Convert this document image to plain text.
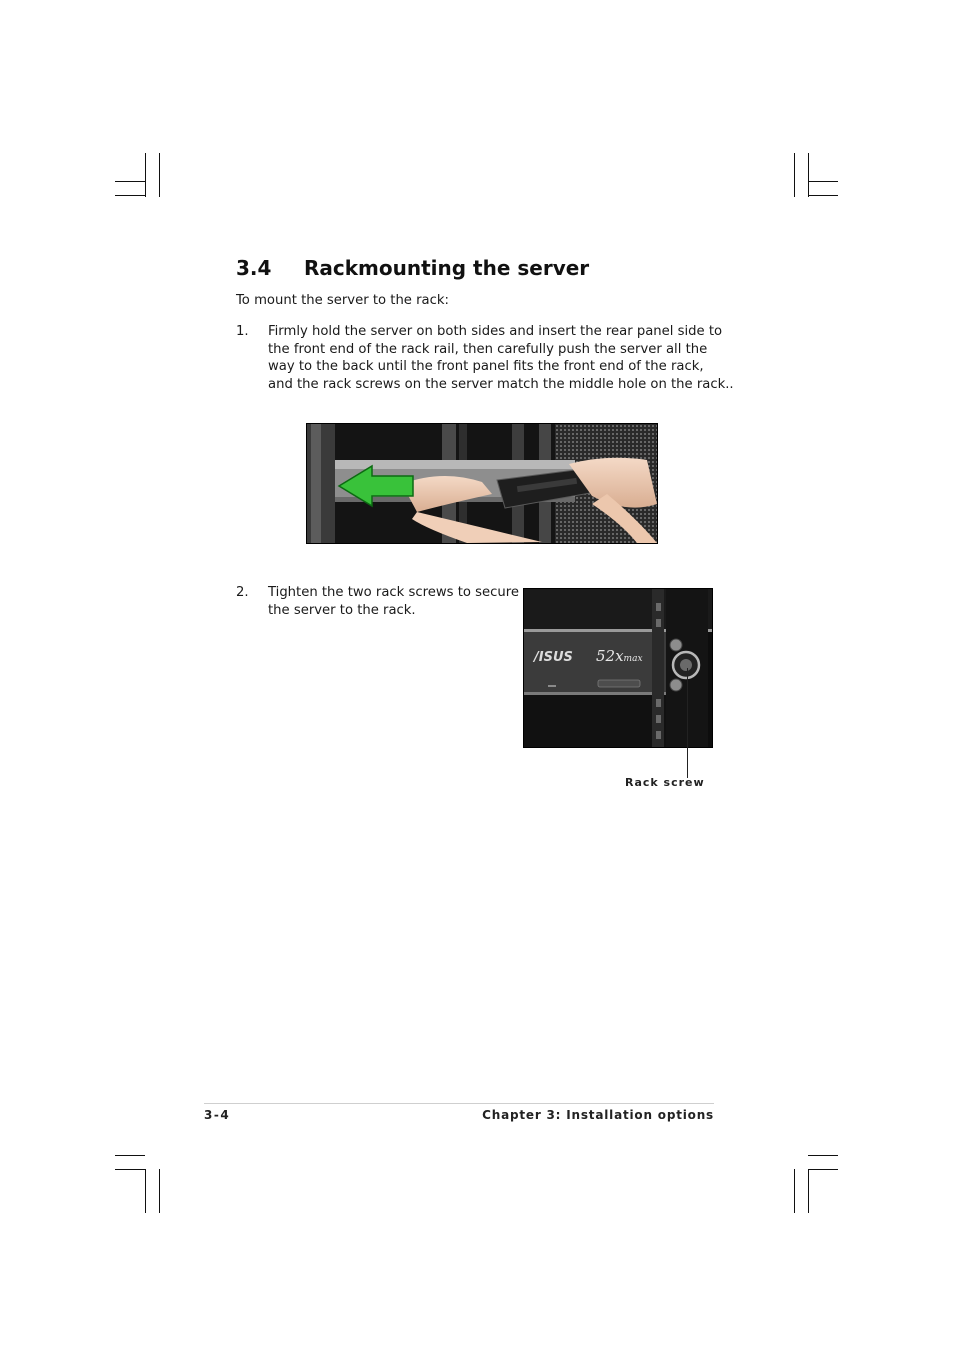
3.4 Rackmounting the server
To mount the server to the rack:
1. Firmly hold the server on both sides and insert the rear panel side to
the front end of the rack rail, then carefully push the server all the
way to the back until the front panel fits the front end of the rack,
and the rack screws on the server match the middle hole on the rack..
2. Tighten the two rack screws to secure
the server to the rack.
/ISUS 52xmax
Rack screw
3-4	Chapter 3: Installation options
